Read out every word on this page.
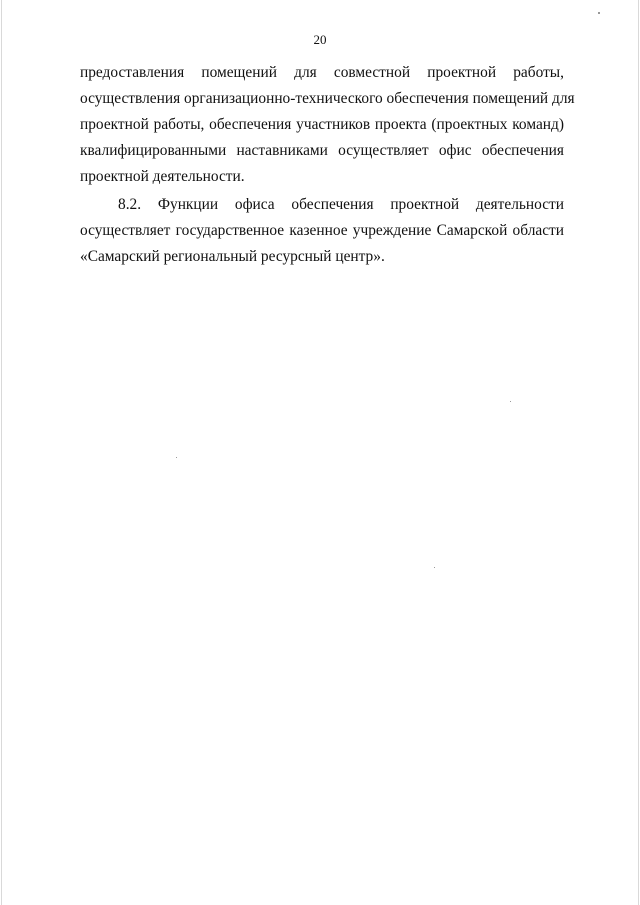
20
предоставления помещений для совместной проектной работы,
осуществления организационно-технического обеспечения помещений для
проектной работы, обеспечения участников проекта (проектных команд)
квалифицированными наставниками осуществляет офис обеспечения
проектной деятельности.
8.2. Функции офиса обеспечения проектной деятельности
осуществляет государственное казенное учреждение Самарской области
«Самарский региональный ресурсный центр».
